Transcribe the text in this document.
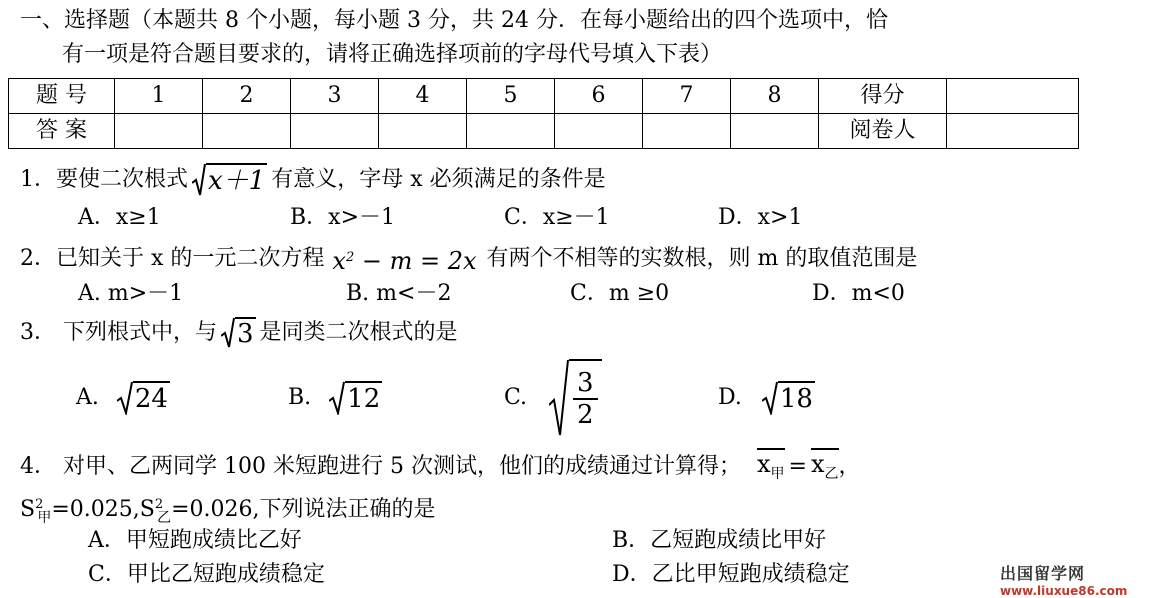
一、选择题（本题共 8 个小题，每小题 3 分，共 24 分．在每小题给出的四个选项中，恰
有一项是符合题目要求的，请将正确选择项前的字母代号填入下表）
题 号	1	2	3	4	5	6	7	8	得分	
答 案									阅卷人	
1．要使二次根式 x＋1 有意义，字母 x 必须满足的条件是
A．x≥1	B．x>－1	C．x≥－1	D．x>1
2．已知关于 x 的一元二次方程 $x^2 - m = 2x$ 有两个不相等的实数根，则 m 的取值范围是
A. m>－1	B. m<－2	C．m ≥0	D．m<0
3． 下列根式中，与 3 是同类二次根式的是
A. 24	B. 12	C. $\frac{3}{2}$	D. 18
4． 对甲、乙两同学 100 米短跑进行 5 次测试，他们的成绩通过计算得； $x_甲 = x_乙$ ，
$S^2_甲=0.025,S^2_乙=0.026$,下列说法正确的是
A．甲短跑成绩比乙好	B．乙短跑成绩比甲好
C．甲比乙短跑成绩稳定	D．乙比甲短跑成绩稳定	出国留学网
www.liuxue86.com
